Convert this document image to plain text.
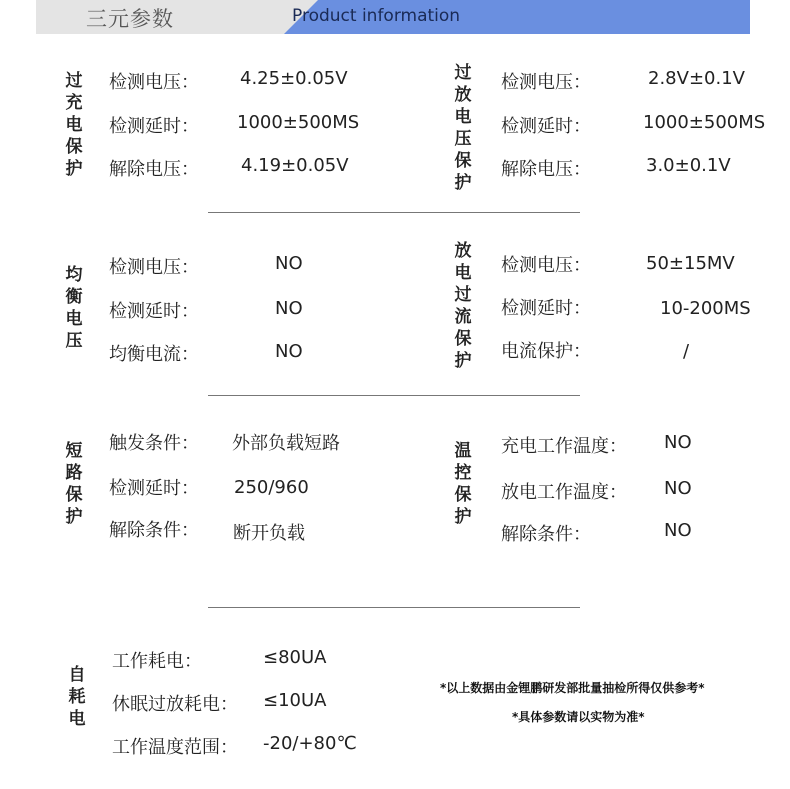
三元参数	Product information
过充电保护
检测电压： 4.25±0.05V
检测延时： 1000±500MS
解除电压： 4.19±0.05V
过放电压保护
检测电压：	2.8V±0.1V
检测延时：	1000±500MS
解除电压：	3.0±0.1V
均衡电压
检测电压：	NO
检测延时：	NO
均衡电流：	NO
放电过流保护
检测电压：	50±15MV
检测延时：	10-200MS
电流保护：	/
短路保护
触发条件： 外部负载短路
检测延时： 250/960
解除条件： 断开负载
温控保护
充电工作温度： NO
放电工作温度： NO
解除条件：	NO
自耗电
工作耗电：	≤80UA
休眠过放耗电： ≤10UA
工作温度范围： -20/+80℃
*以上数据由金锂鹏研发部批量抽检所得仅供参考*
*具体参数请以实物为准*
